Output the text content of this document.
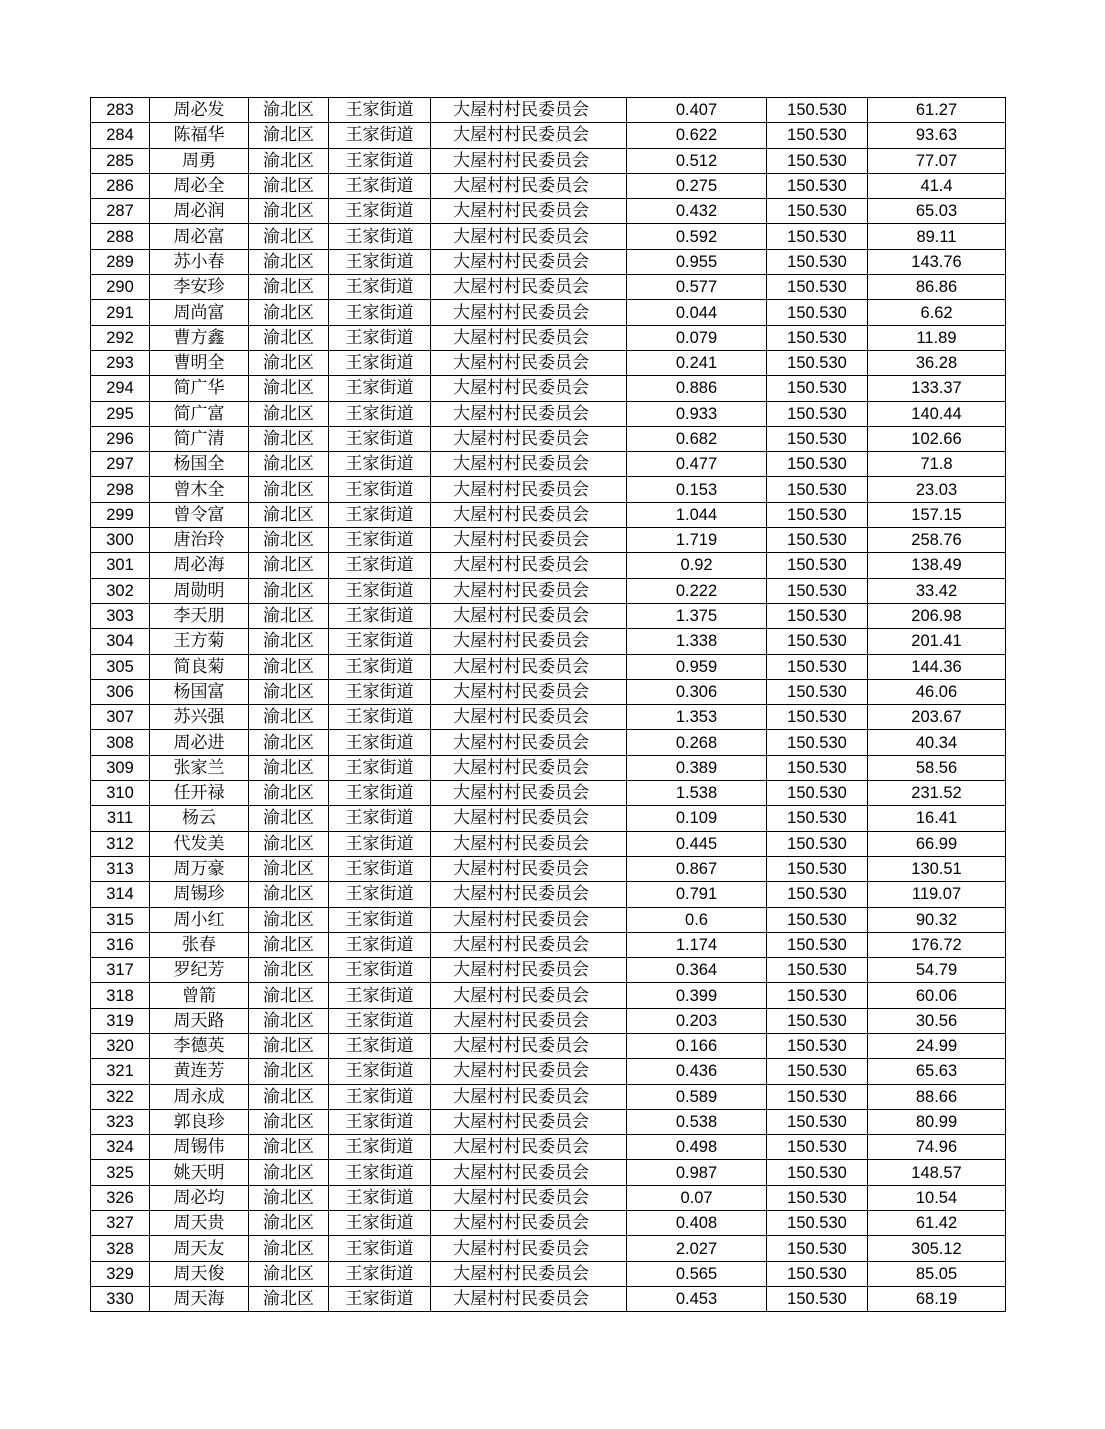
283	周必发	渝北区	王家街道	大屋村村民委员会	0.407	150.530	61.27
284	陈福华	渝北区	王家街道	大屋村村民委员会	0.622	150.530	93.63
285	周勇	渝北区	王家街道	大屋村村民委员会	0.512	150.530	77.07
286	周必全	渝北区	王家街道	大屋村村民委员会	0.275	150.530	41.4
287	周必润	渝北区	王家街道	大屋村村民委员会	0.432	150.530	65.03
288	周必富	渝北区	王家街道	大屋村村民委员会	0.592	150.530	89.11
289	苏小春	渝北区	王家街道	大屋村村民委员会	0.955	150.530	143.76
290	李安珍	渝北区	王家街道	大屋村村民委员会	0.577	150.530	86.86
291	周尚富	渝北区	王家街道	大屋村村民委员会	0.044	150.530	6.62
292	曹方鑫	渝北区	王家街道	大屋村村民委员会	0.079	150.530	11.89
293	曹明全	渝北区	王家街道	大屋村村民委员会	0.241	150.530	36.28
294	简广华	渝北区	王家街道	大屋村村民委员会	0.886	150.530	133.37
295	简广富	渝北区	王家街道	大屋村村民委员会	0.933	150.530	140.44
296	简广清	渝北区	王家街道	大屋村村民委员会	0.682	150.530	102.66
297	杨国全	渝北区	王家街道	大屋村村民委员会	0.477	150.530	71.8
298	曾木全	渝北区	王家街道	大屋村村民委员会	0.153	150.530	23.03
299	曾令富	渝北区	王家街道	大屋村村民委员会	1.044	150.530	157.15
300	唐治玲	渝北区	王家街道	大屋村村民委员会	1.719	150.530	258.76
301	周必海	渝北区	王家街道	大屋村村民委员会	0.92	150.530	138.49
302	周勋明	渝北区	王家街道	大屋村村民委员会	0.222	150.530	33.42
303	李天朋	渝北区	王家街道	大屋村村民委员会	1.375	150.530	206.98
304	王方菊	渝北区	王家街道	大屋村村民委员会	1.338	150.530	201.41
305	简良菊	渝北区	王家街道	大屋村村民委员会	0.959	150.530	144.36
306	杨国富	渝北区	王家街道	大屋村村民委员会	0.306	150.530	46.06
307	苏兴强	渝北区	王家街道	大屋村村民委员会	1.353	150.530	203.67
308	周必进	渝北区	王家街道	大屋村村民委员会	0.268	150.530	40.34
309	张家兰	渝北区	王家街道	大屋村村民委员会	0.389	150.530	58.56
310	任开禄	渝北区	王家街道	大屋村村民委员会	1.538	150.530	231.52
311	杨云	渝北区	王家街道	大屋村村民委员会	0.109	150.530	16.41
312	代发美	渝北区	王家街道	大屋村村民委员会	0.445	150.530	66.99
313	周万豪	渝北区	王家街道	大屋村村民委员会	0.867	150.530	130.51
314	周锡珍	渝北区	王家街道	大屋村村民委员会	0.791	150.530	119.07
315	周小红	渝北区	王家街道	大屋村村民委员会	0.6	150.530	90.32
316	张春	渝北区	王家街道	大屋村村民委员会	1.174	150.530	176.72
317	罗纪芳	渝北区	王家街道	大屋村村民委员会	0.364	150.530	54.79
318	曾箭	渝北区	王家街道	大屋村村民委员会	0.399	150.530	60.06
319	周天路	渝北区	王家街道	大屋村村民委员会	0.203	150.530	30.56
320	李德英	渝北区	王家街道	大屋村村民委员会	0.166	150.530	24.99
321	黄连芳	渝北区	王家街道	大屋村村民委员会	0.436	150.530	65.63
322	周永成	渝北区	王家街道	大屋村村民委员会	0.589	150.530	88.66
323	郭良珍	渝北区	王家街道	大屋村村民委员会	0.538	150.530	80.99
324	周锡伟	渝北区	王家街道	大屋村村民委员会	0.498	150.530	74.96
325	姚天明	渝北区	王家街道	大屋村村民委员会	0.987	150.530	148.57
326	周必均	渝北区	王家街道	大屋村村民委员会	0.07	150.530	10.54
327	周天贵	渝北区	王家街道	大屋村村民委员会	0.408	150.530	61.42
328	周天友	渝北区	王家街道	大屋村村民委员会	2.027	150.530	305.12
329	周天俊	渝北区	王家街道	大屋村村民委员会	0.565	150.530	85.05
330	周天海	渝北区	王家街道	大屋村村民委员会	0.453	150.530	68.19
